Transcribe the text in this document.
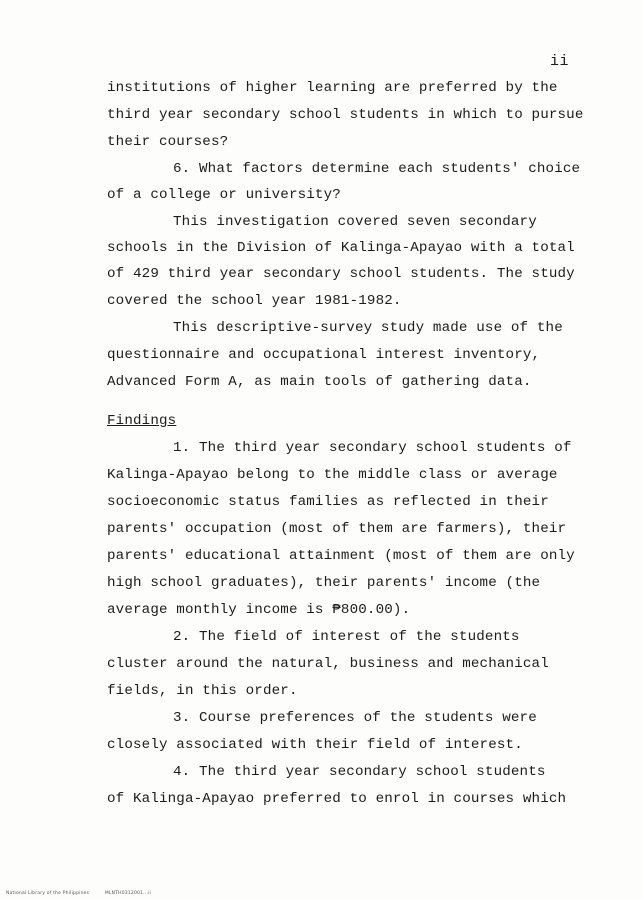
ii
institutions of higher learning are preferred by the
third year secondary school students in which to pursue
their courses?
6. What factors determine each students' choice
of a college or university?
This investigation covered seven secondary
schools in the Division of Kalinga-Apayao with a total
of 429 third year secondary school students. The study
covered the school year 1981-1982.
This descriptive-survey study made use of the
questionnaire and occupational interest inventory,
Advanced Form A, as main tools of gathering data.
Findings
1. The third year secondary school students of
Kalinga-Apayao belong to the middle class or average
socioeconomic status families as reflected in their
parents' occupation (most of them are farmers), their
parents' educational attainment (most of them are only
high school graduates), their parents' income (the
average monthly income is ₱800.00).
2. The field of interest of the students
cluster around the natural, business and mechanical
fields, in this order.
3. Course preferences of the students were
closely associated with their field of interest.
4. The third year secondary school students
of Kalinga-Apayao preferred to enrol in courses which
National Library of the Philippines	MLNTH0312001...ii
